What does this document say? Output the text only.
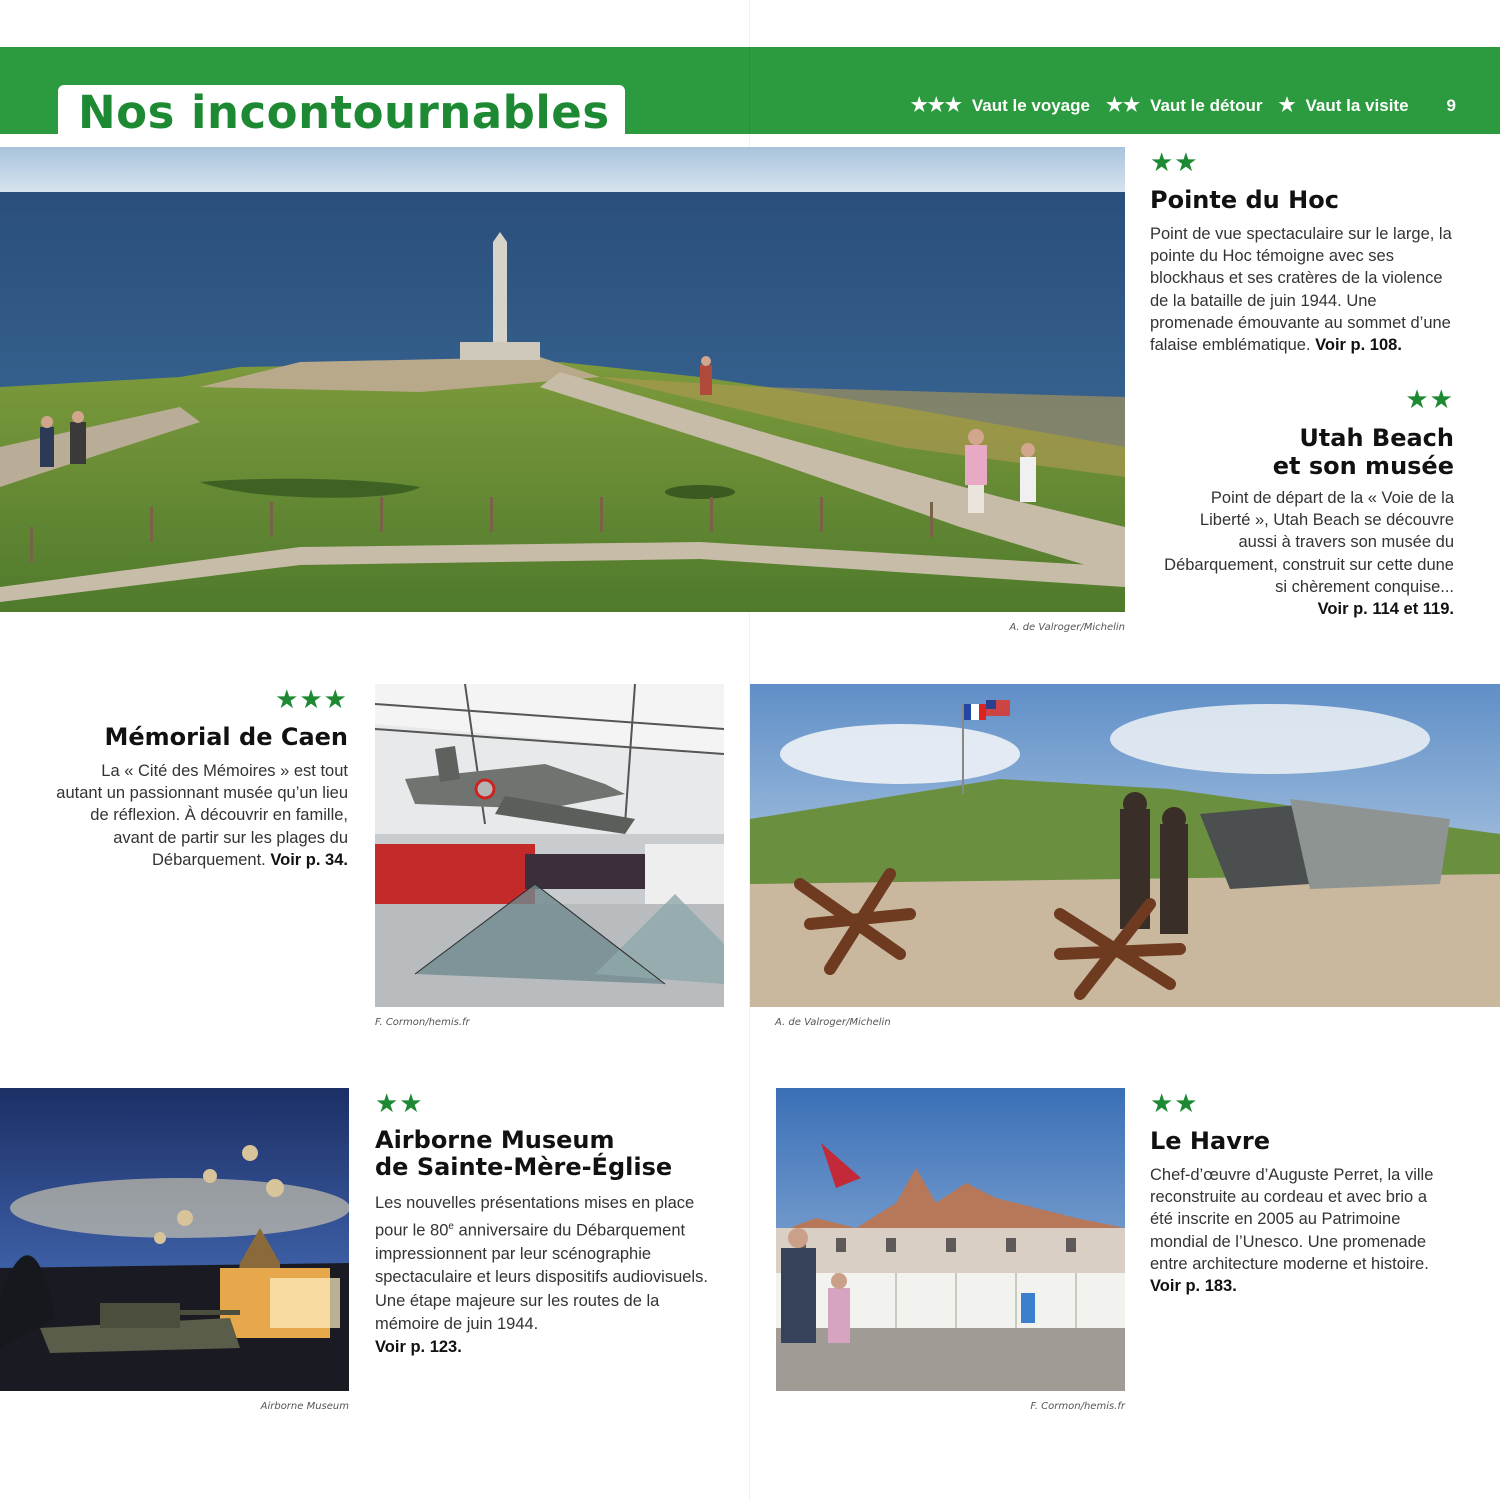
Nos incontournables	★★★ Vaut le voyage ★★ Vaut le détour ★ Vaut la visite 9
A. de Valroger/Michelin
★★
Pointe du Hoc
Point de vue spectaculaire sur le large, la pointe du Hoc témoigne avec ses blockhaus et ses cratères de la violence de la bataille de juin 1944. Une promenade émouvante au sommet d’une falaise emblématique. Voir p. 108.
★★
Utah Beach
et son musée
Point de départ de la « Voie de la Liberté », Utah Beach se découvre aussi à travers son musée du Débarquement, construit sur cette dune si chèrement conquise...
Voir p. 114 et 119.
★★★
Mémorial de Caen
La « Cité des Mémoires » est tout autant un passionnant musée qu’un lieu de réflexion. À découvrir en famille, avant de partir sur les plages du Débarquement. Voir p. 34.
F. Cormon/hemis.fr	A. de Valroger/Michelin
Airborne Museum
★★
Airborne Museum
de Sainte-Mère-Église
Les nouvelles présentations mises en place pour le 80e anniversaire du Débarquement impressionnent par leur scénographie spectaculaire et leurs dispositifs audiovisuels. Une étape majeure sur les routes de la mémoire de juin 1944.
Voir p. 123.
F. Cormon/hemis.fr
★★
Le Havre
Chef-d’œuvre d’Auguste Perret, la ville reconstruite au cordeau et avec brio a été inscrite en 2005 au Patrimoine mondial de l’Unesco. Une promenade entre architecture moderne et histoire. Voir p. 183.
